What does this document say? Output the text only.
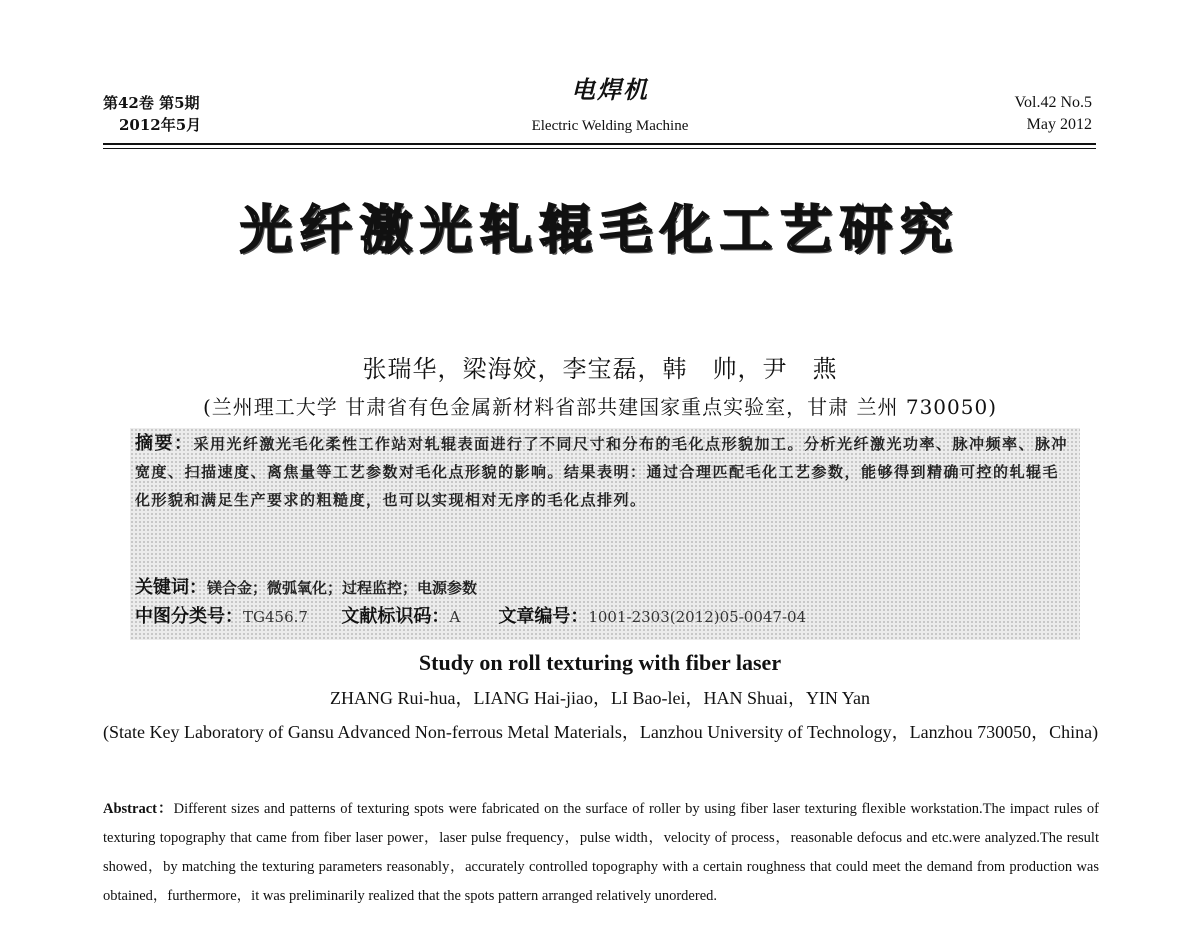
第42卷 第5期
2012年5月
电焊机
Electric Welding Machine
Vol.42 No.5
May 2012
光纤激光轧辊毛化工艺研究
张瑞华，梁海姣，李宝磊，韩　帅，尹　燕
(兰州理工大学 甘肃省有色金属新材料省部共建国家重点实验室，甘肃 兰州 730050)
摘要：采用光纤激光毛化柔性工作站对轧辊表面进行了不同尺寸和分布的毛化点形貌加工。分析光纤激光功率、脉冲频率、脉冲宽度、扫描速度、离焦量等工艺参数对毛化点形貌的影响。结果表明：通过合理匹配毛化工艺参数，能够得到精确可控的轧辊毛化形貌和满足生产要求的粗糙度，也可以实现相对无序的毛化点排列。
关键词：镁合金；微弧氧化；过程监控；电源参数
中图分类号：TG456.7 文献标识码：A 文章编号：1001-2303(2012)05-0047-04
Study on roll texturing with fiber laser
ZHANG Rui-hua，LIANG Hai-jiao，LI Bao-lei，HAN Shuai，YIN Yan
(State Key Laboratory of Gansu Advanced Non-ferrous Metal Materials，Lanzhou University of Technology，Lanzhou 730050，China)
Abstract：Different sizes and patterns of texturing spots were fabricated on the surface of roller by using fiber laser texturing flexible workstation.The impact rules of texturing topography that came from fiber laser power，laser pulse frequency，pulse width，velocity of process，reasonable defocus and etc.were analyzed.The result showed，by matching the texturing parameters reasonably，accurately controlled topography with a certain roughness that could meet the demand from production was obtained，furthermore，it was preliminarily realized that the spots pattern arranged relatively unordered.
